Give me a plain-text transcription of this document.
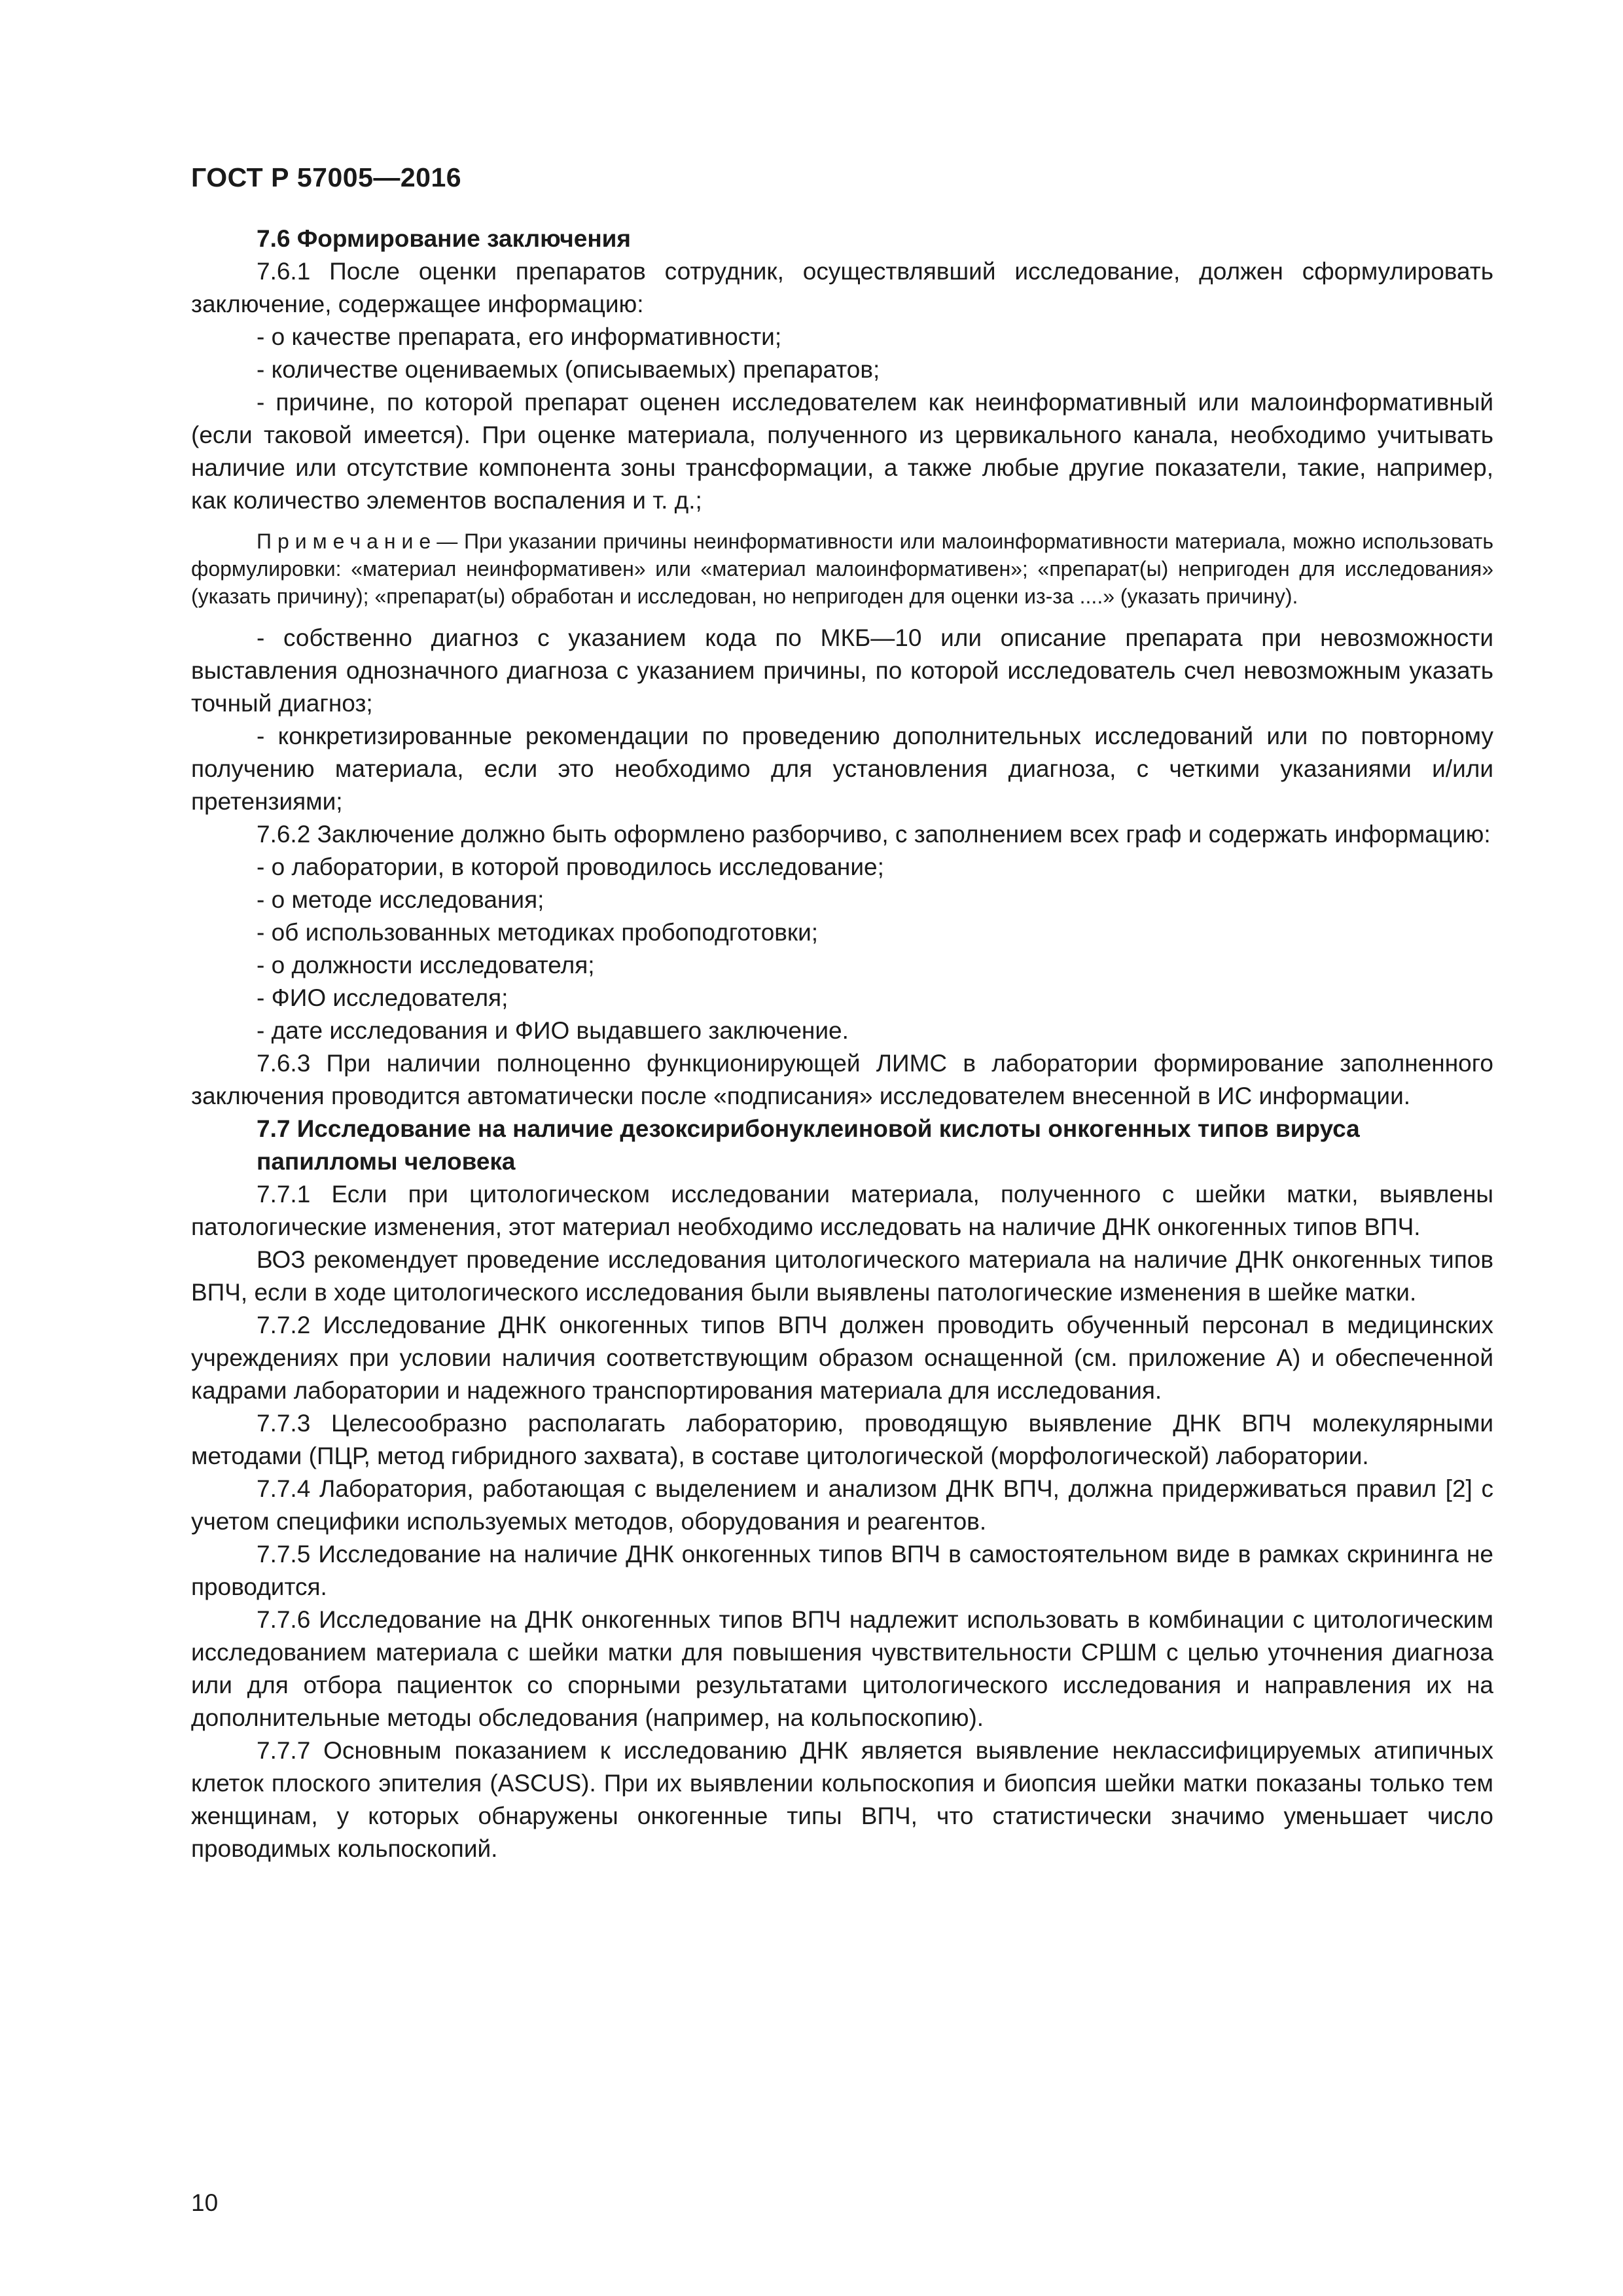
ГОСТ Р 57005—2016

7.6 Формирование заключения

7.6.1 После оценки препаратов сотрудник, осуществлявший исследование, должен сформулировать заключение, содержащее информацию:

- о качестве препарата, его информативности;

- количестве оцениваемых (описываемых) препаратов;

- причине, по которой препарат оценен исследователем как неинформативный или малоинформативный (если таковой имеется). При оценке материала, полученного из цервикального канала, необходимо учитывать наличие или отсутствие компонента зоны трансформации, а также любые другие показатели, такие, например, как количество элементов воспаления и т. д.;

Примечание— При указании причины неинформативности или малоинформативности материала, можно использовать формулировки: «материал неинформативен» или «материал малоинформативен»; «препарат(ы) непригоден для исследования» (указать причину); «препарат(ы) обработан и исследован, но непригоден для оценки из-за ....» (указать причину).

- собственно диагноз с указанием кода по МКБ—10 или описание препарата при невозможности выставления однозначного диагноза с указанием причины, по которой исследователь счел невозможным указать точный диагноз;

- конкретизированные рекомендации по проведению дополнительных исследований или по повторному получению материала, если это необходимо для установления диагноза, с четкими указаниями и/или претензиями;

7.6.2 Заключение должно быть оформлено разборчиво, с заполнением всех граф и содержать информацию:

- о лаборатории, в которой проводилось исследование;

- о методе исследования;

- об использованных методиках пробоподготовки;

- о должности исследователя;

- ФИО исследователя;

- дате исследования и ФИО выдавшего заключение.

7.6.3 При наличии полноценно функционирующей ЛИМС в лаборатории формирование заполненного заключения проводится автоматически после «подписания» исследователем внесенной в ИС информации.

7.7 Исследование на наличие дезоксирибонуклеиновой кислоты онкогенных типов вируса папилломы человека

7.7.1 Если при цитологическом исследовании материала, полученного с шейки матки, выявлены патологические изменения, этот материал необходимо исследовать на наличие ДНК онкогенных типов ВПЧ.

ВОЗ рекомендует проведение исследования цитологического материала на наличие ДНК онкогенных типов ВПЧ, если в ходе цитологического исследования были выявлены патологические изменения в шейке матки.

7.7.2 Исследование ДНК онкогенных типов ВПЧ должен проводить обученный персонал в медицинских учреждениях при условии наличия соответствующим образом оснащенной (см. приложение А) и обеспеченной кадрами лаборатории и надежного транспортирования материала для исследования.

7.7.3 Целесообразно располагать лабораторию, проводящую выявление ДНК ВПЧ молекулярными методами (ПЦР, метод гибридного захвата), в составе цитологической (морфологической) лаборатории.

7.7.4 Лаборатория, работающая с выделением и анализом ДНК ВПЧ, должна придерживаться правил [2] с учетом специфики используемых методов, оборудования и реагентов.

7.7.5 Исследование на наличие ДНК онкогенных типов ВПЧ в самостоятельном виде в рамках скрининга не проводится.

7.7.6 Исследование на ДНК онкогенных типов ВПЧ надлежит использовать в комбинации с цитологическим исследованием материала с шейки матки для повышения чувствительности СРШМ с целью уточнения диагноза или для отбора пациенток со спорными результатами цитологического исследования и направления их на дополнительные методы обследования (например, на кольпоскопию).

7.7.7 Основным показанием к исследованию ДНК является выявление неклассифицируемых атипичных клеток плоского эпителия (ASCUS). При их выявлении кольпоскопия и биопсия шейки матки показаны только тем женщинам, у которых обнаружены онкогенные типы ВПЧ, что статистически значимо уменьшает число проводимых кольпоскопий.

10
